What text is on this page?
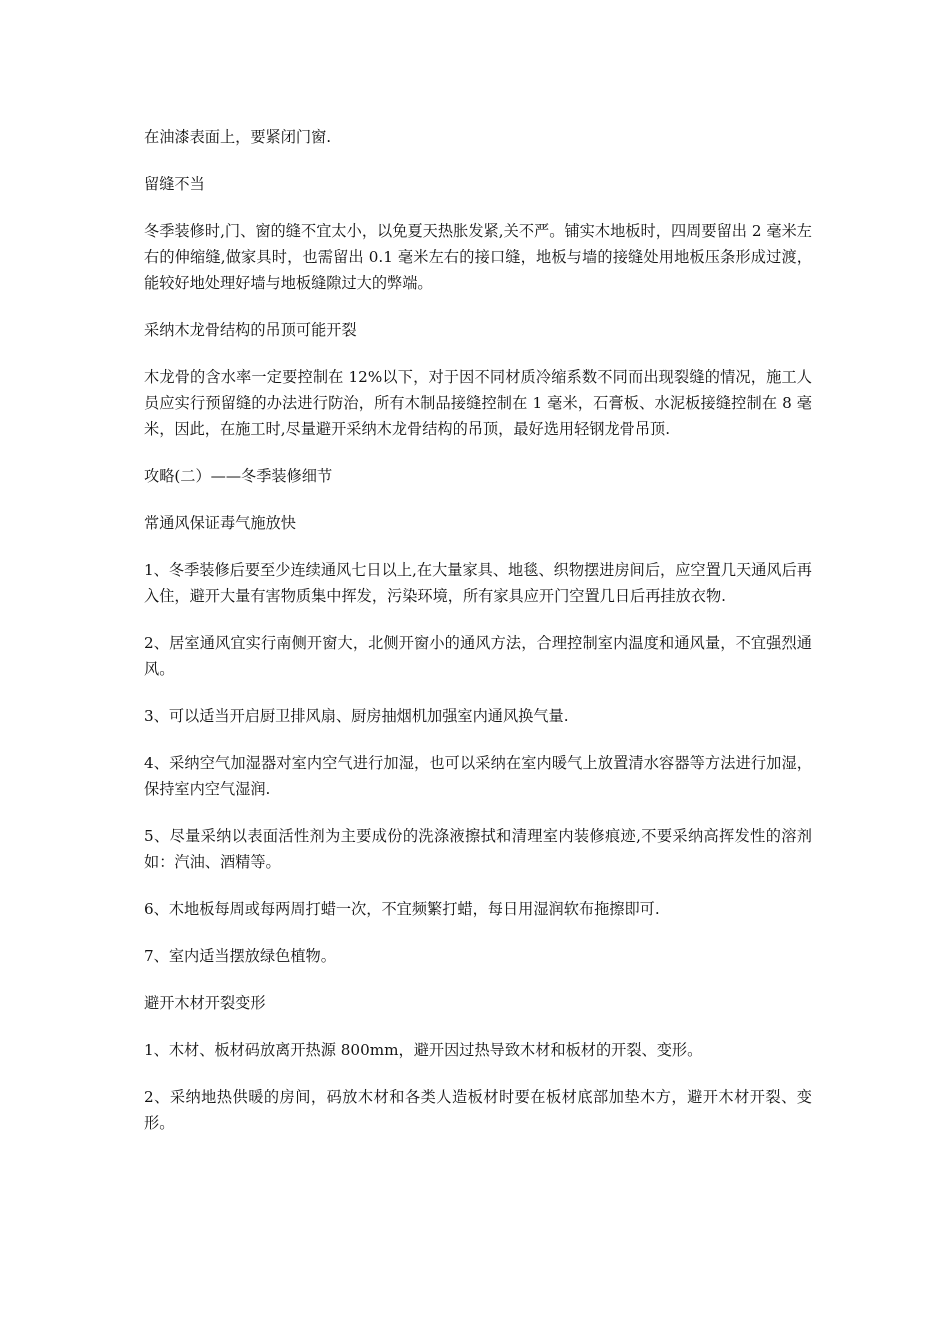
在油漆表面上，要紧闭门窗.

留缝不当

冬季装修时,门、窗的缝不宜太小，以免夏天热胀发紧,关不严。铺实木地板时，四周要留出 2 毫米左右的伸缩缝,做家具时，也需留出 0.1 毫米左右的接口缝，地板与墙的接缝处用地板压条形成过渡，能较好地处理好墙与地板缝隙过大的弊端。

采纳木龙骨结构的吊顶可能开裂

木龙骨的含水率一定要控制在 12%以下，对于因不同材质冷缩系数不同而出现裂缝的情况，施工人员应实行预留缝的办法进行防治，所有木制品接缝控制在 1 毫米，石膏板、水泥板接缝控制在 8 毫米，因此，在施工时,尽量避开采纳木龙骨结构的吊顶，最好选用轻钢龙骨吊顶.

攻略(二）——冬季装修细节

常通风保证毒气施放快

1、冬季装修后要至少连续通风七日以上,在大量家具、地毯、织物摆进房间后，应空置几天通风后再入住，避开大量有害物质集中挥发，污染环境，所有家具应开门空置几日后再挂放衣物.

2、居室通风宜实行南侧开窗大，北侧开窗小的通风方法，合理控制室内温度和通风量，不宜强烈通风。

3、可以适当开启厨卫排风扇、厨房抽烟机加强室内通风换气量.

4、采纳空气加湿器对室内空气进行加湿，也可以采纳在室内暖气上放置清水容器等方法进行加湿，保持室内空气湿润.

5、尽量采纳以表面活性剂为主要成份的洗涤液擦拭和清理室内装修痕迹,不要采纳高挥发性的溶剂如：汽油、酒精等。

6、木地板每周或每两周打蜡一次，不宜频繁打蜡，每日用湿润软布拖擦即可.

7、室内适当摆放绿色植物。

避开木材开裂变形

1、木材、板材码放离开热源 800mm，避开因过热导致木材和板材的开裂、变形。

2、采纳地热供暖的房间，码放木材和各类人造板材时要在板材底部加垫木方，避开木材开裂、变形。
